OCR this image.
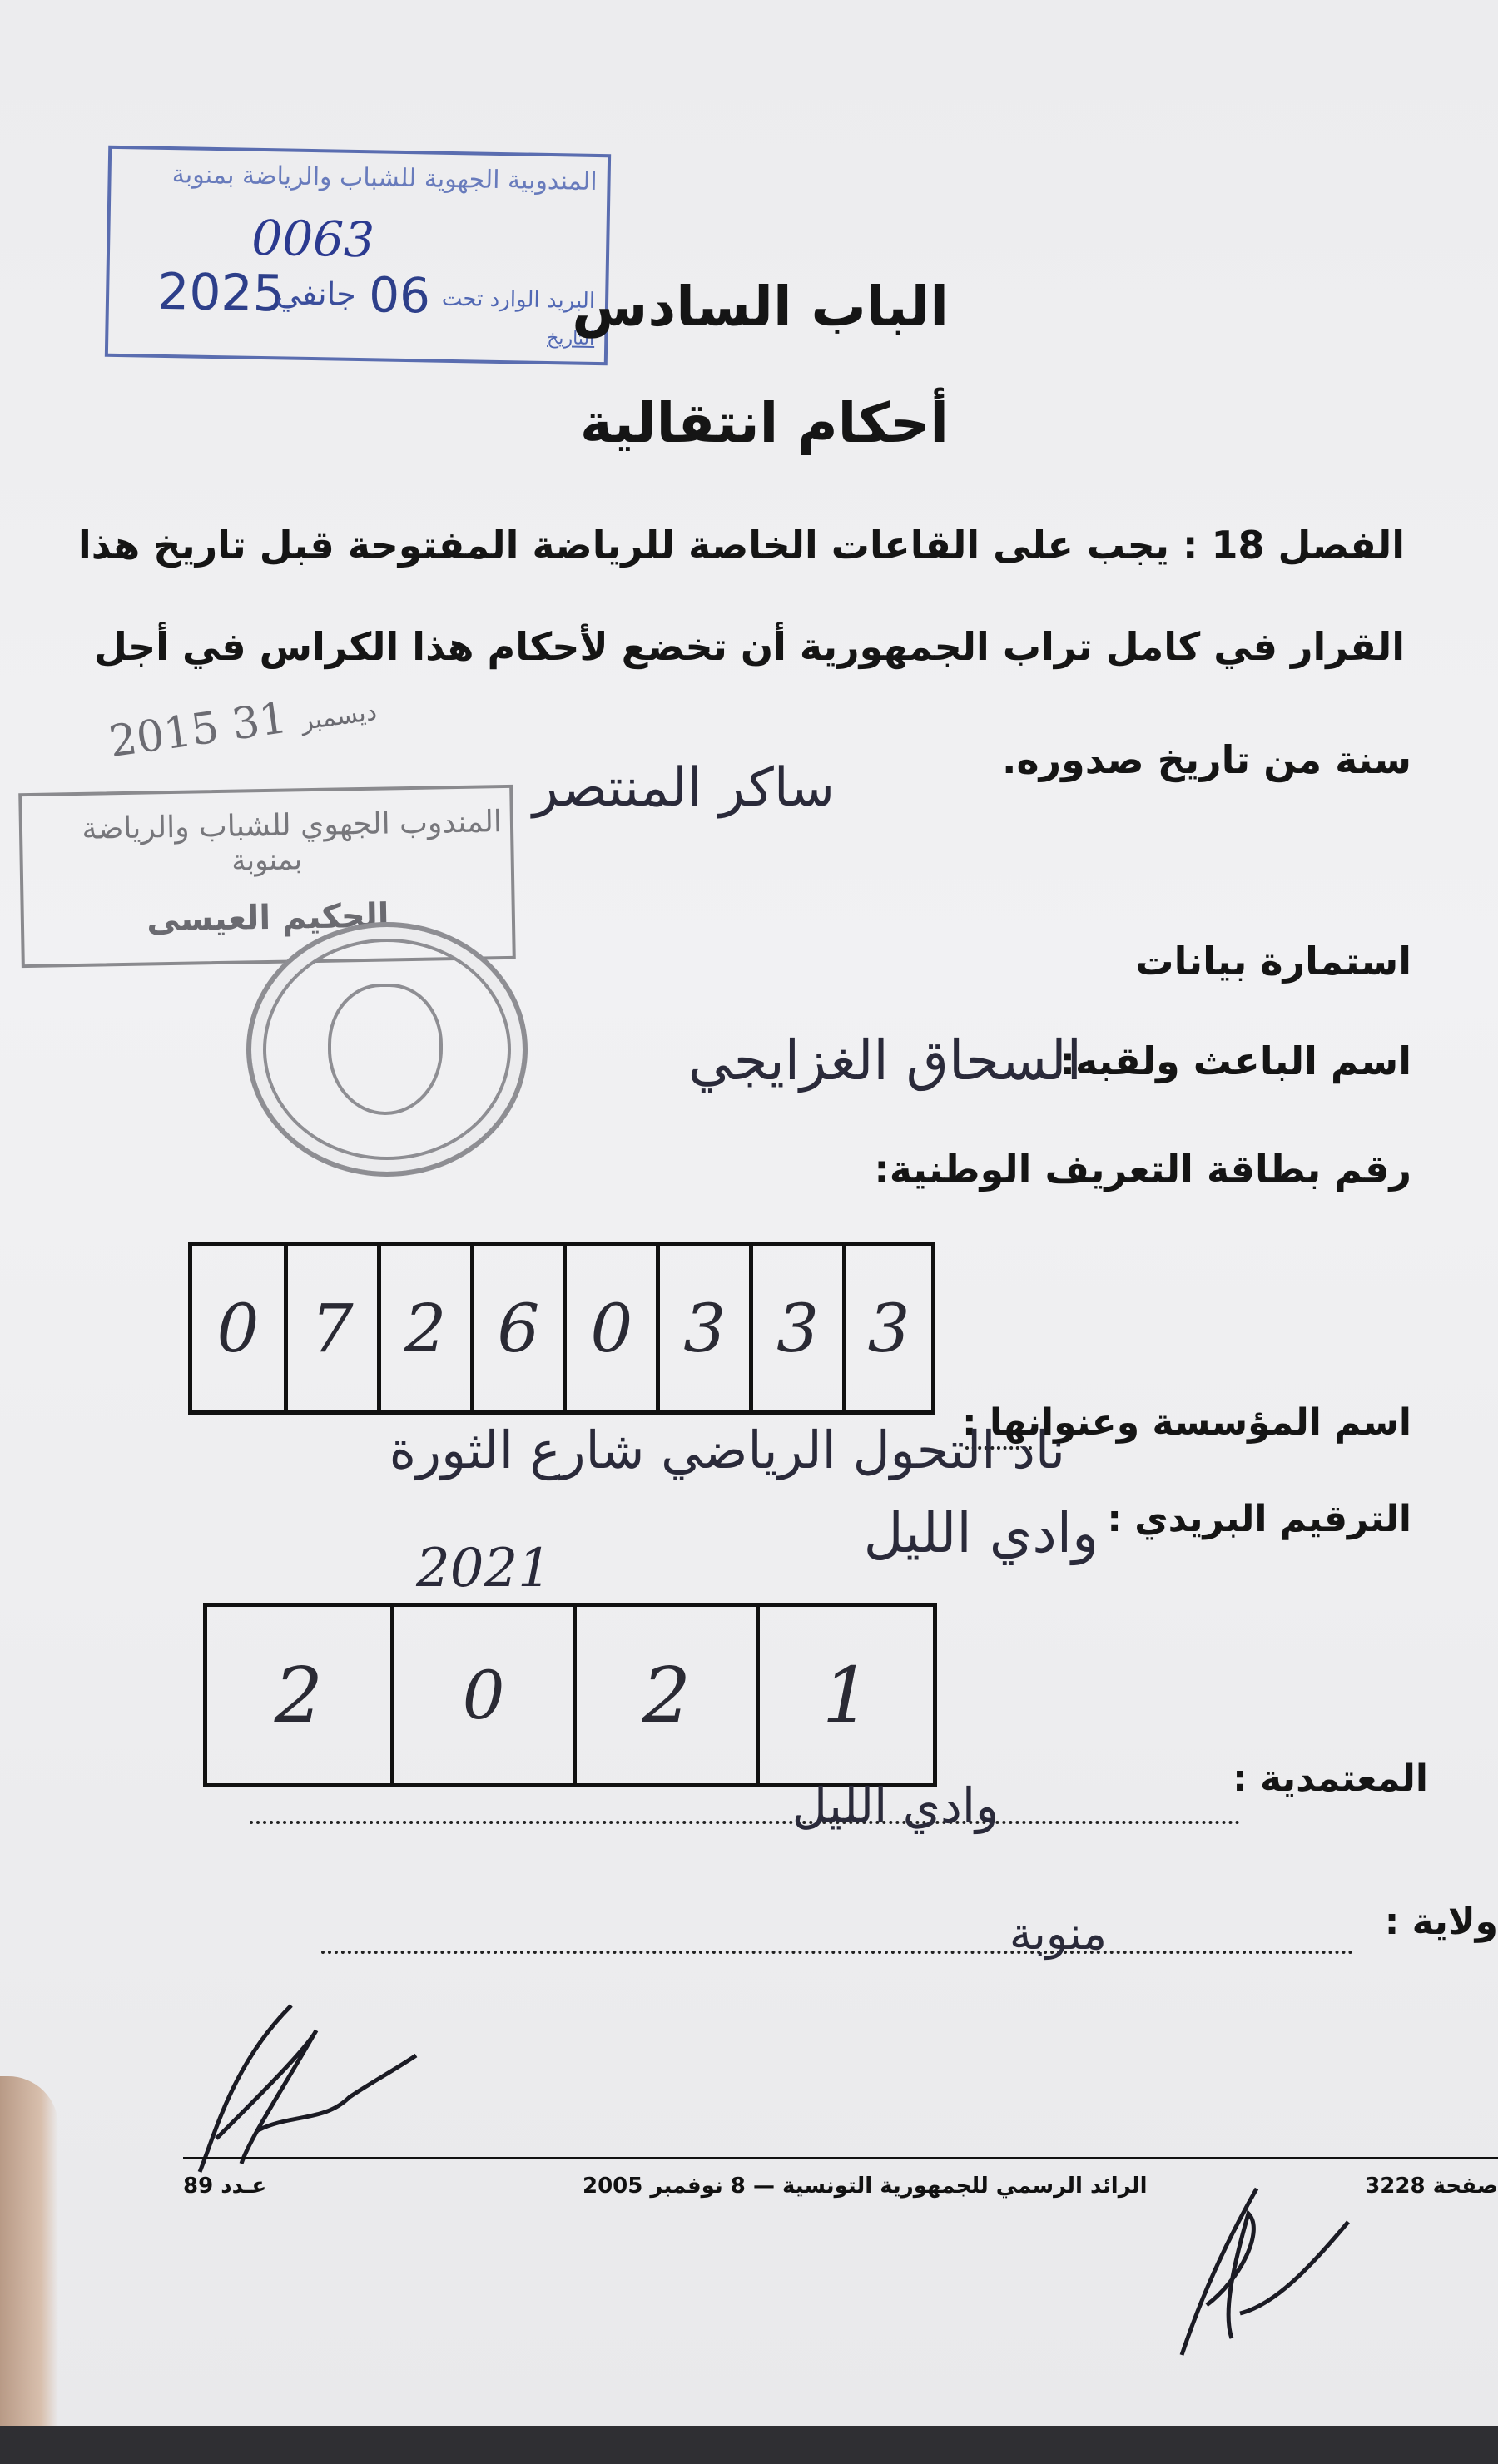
المندوبية الجهوية للشباب والرياضة بمنوبة
0063
البريد الوارد تحت
2025
جانفي 06
التاريخ
الباب السادس
أحكام انتقالية
الفصل 18 : يجب على القاعات الخاصة للرياضة المفتوحة قبل تاريخ هذا
القرار في كامل تراب الجمهورية أن تخضع لأحكام هذا الكراس في أجل
سنة من تاريخ صدوره.
2015	ديسمبر 31
المندوب الجهوي للشباب والرياضة
بمنوبة
الحكيم العيسى
ساكر المنتصر
استمارة بيانات
اسم الباعث ولقبه:
السحاق الغزايجي
رقم بطاقة التعريف الوطنية:
0 7 2 6 0 3 3 3
اسم المؤسسة وعنوانها :
ناد التحول الرياضي شارع الثورة
الترقيم البريدي :
وادي الليل
2021
2	0	2	1
المعتمدية :
وادي الليل
ولاية :
منوبة
عـدد 89	الرائد الرسمي للجمهورية التونسية — 8 نوفمبر 2005	صفحة 3228
